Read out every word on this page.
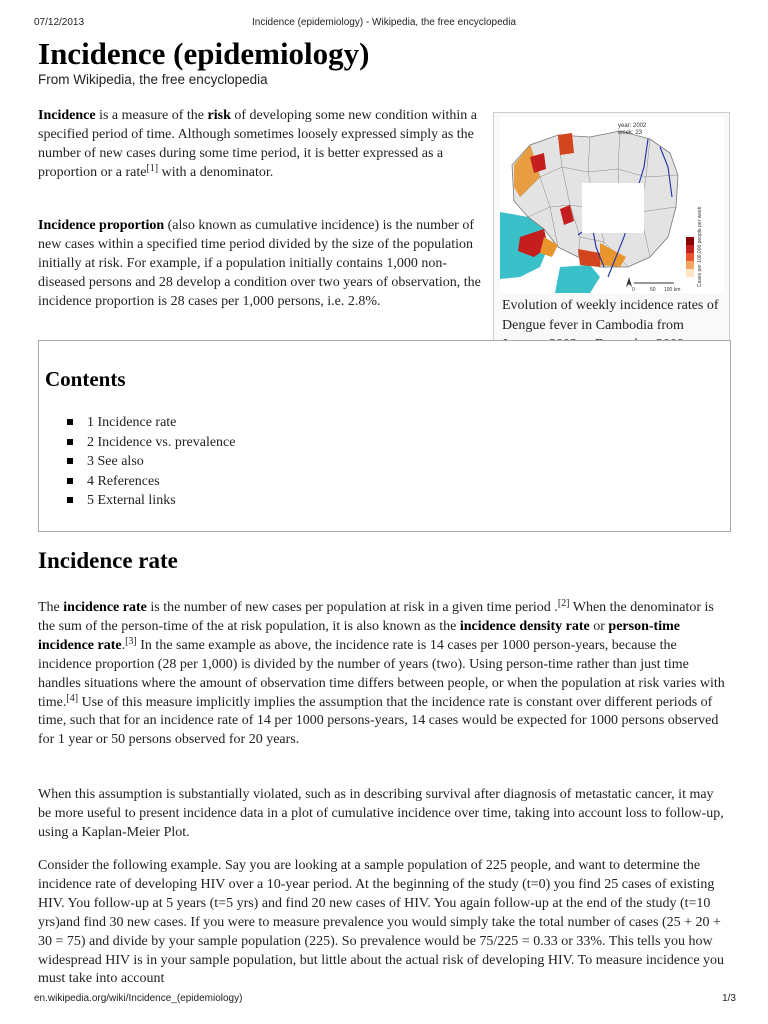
07/12/2013	Incidence (epidemiology) - Wikipedia, the free encyclopedia
Incidence (epidemiology)
From Wikipedia, the free encyclopedia

Incidence is a measure of the risk of developing some new condition within a specified period of time. Although sometimes loosely expressed simply as the number of new cases during some time period, it is better expressed as a proportion or a rate[1] with a denominator.

Incidence proportion (also known as cumulative incidence) is the number of new cases within a specified time period divided by the size of the population initially at risk. For example, if a population initially contains 1,000 non-diseased persons and 28 develop a condition over two years of observation, the incidence proportion is 28 cases per 1,000 persons, i.e. 2.8%.

year: 2002
week: 23
Cases per 100,000 people per week
0	50 100 km
Evolution of weekly incidence rates of Dengue fever in Cambodia from
Contents
1 Incidence rate
2 Incidence vs. prevalence
3 See also
4 References
5 External links
Incidence rate

The incidence rate is the number of new cases per population at risk in a given time period .[2] When the denominator is the sum of the person-time of the at risk population, it is also known as the incidence density rate or person-time incidence rate.[3] In the same example as above, the incidence rate is 14 cases per 1000 person-years, because the incidence proportion (28 per 1,000) is divided by the number of years (two). Using person-time rather than just time handles situations where the amount of observation time differs between people, or when the population at risk varies with time.[4] Use of this measure implicitly implies the assumption that the incidence rate is constant over different periods of time, such that for an incidence rate of 14 per 1000 persons-years, 14 cases would be expected for 1000 persons observed for 1 year or 50 persons observed for 20 years.

When this assumption is substantially violated, such as in describing survival after diagnosis of metastatic cancer, it may be more useful to present incidence data in a plot of cumulative incidence over time, taking into account loss to follow-up, using a Kaplan-Meier Plot.

Consider the following example. Say you are looking at a sample population of 225 people, and want to determine the incidence rate of developing HIV over a 10-year period. At the beginning of the study (t=0) you find 25 cases of existing HIV. You follow-up at 5 years (t=5 yrs) and find 20 new cases of HIV. You again follow-up at the end of the study (t=10 yrs)and find 30 new cases. If you were to measure prevalence you would simply take the total number of cases (25 + 20 + 30 = 75) and divide by your sample population (225). So prevalence would be 75/225 = 0.33 or 33%. This tells you how widespread HIV is in your sample population, but little about the actual risk of developing HIV. To measure incidence you must take into account

en.wikipedia.org/wiki/Incidence_(epidemiology)	1/3
